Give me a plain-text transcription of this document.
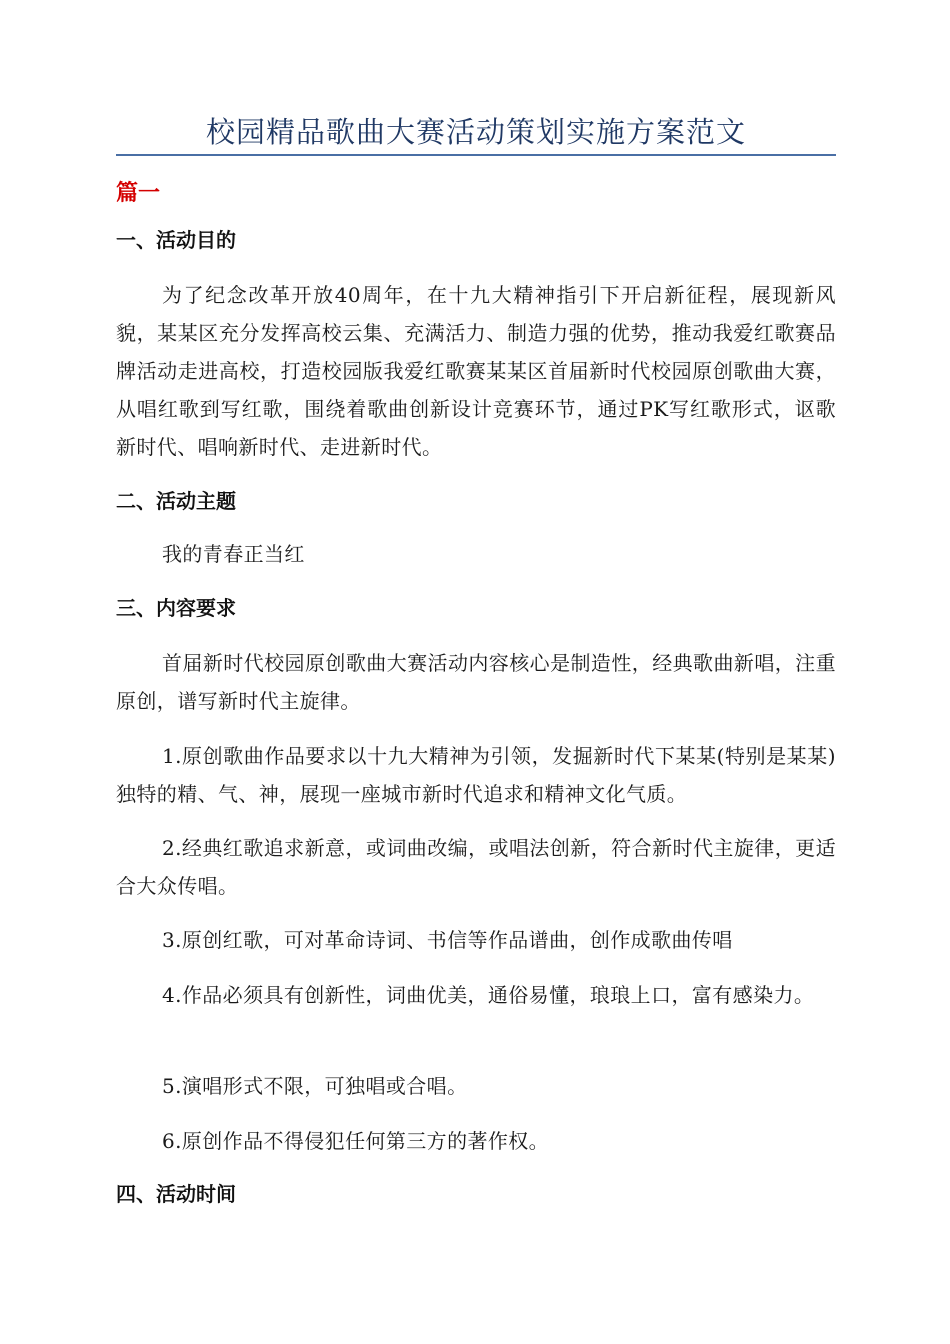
校园精品歌曲大赛活动策划实施方案范文
篇一
一、活动目的
为了纪念改革开放40周年，在十九大精神指引下开启新征程，展现新风貌，某某区充分发挥高校云集、充满活力、制造力强的优势，推动我爱红歌赛品牌活动走进高校，打造校园版我爱红歌赛某某区首届新时代校园原创歌曲大赛，从唱红歌到写红歌，围绕着歌曲创新设计竞赛环节，通过PK写红歌形式，讴歌新时代、唱响新时代、走进新时代。
二、活动主题
我的青春正当红
三、内容要求
首届新时代校园原创歌曲大赛活动内容核心是制造性，经典歌曲新唱，注重原创，谱写新时代主旋律。
1.原创歌曲作品要求以十九大精神为引领，发掘新时代下某某(特别是某某)独特的精、气、神，展现一座城市新时代追求和精神文化气质。
2.经典红歌追求新意，或词曲改编，或唱法创新，符合新时代主旋律，更适合大众传唱。
3.原创红歌，可对革命诗词、书信等作品谱曲，创作成歌曲传唱
4.作品必须具有创新性，词曲优美，通俗易懂，琅琅上口，富有感染力。
5.演唱形式不限，可独唱或合唱。
6.原创作品不得侵犯任何第三方的著作权。
四、活动时间
